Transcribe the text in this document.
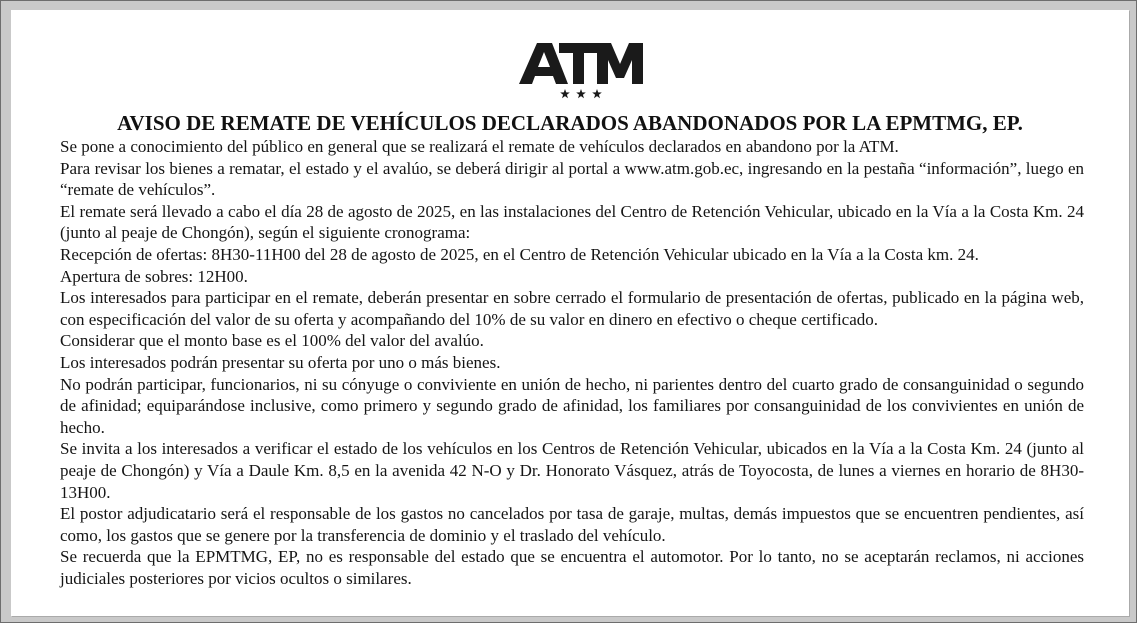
AVISO DE REMATE DE VEHÍCULOS DECLARADOS ABANDONADOS POR LA EPMTMG, EP.

Se pone a conocimiento del público en general que se realizará el remate de vehículos declarados en abandono por la ATM.

Para revisar los bienes a rematar, el estado y el avalúo, se deberá dirigir al portal a www.atm.gob.ec, ingresando en la pestaña “información”, luego en “remate de vehículos”.

El remate será llevado a cabo el día 28 de agosto de 2025, en las instalaciones del Centro de Retención Vehicular, ubicado en la Vía a la Costa Km. 24 (junto al peaje de Chongón), según el siguiente cronograma:

Recepción de ofertas: 8H30-11H00 del 28 de agosto de 2025, en el Centro de Retención Vehicular ubicado en la Vía a la Costa km. 24.

Apertura de sobres: 12H00.

Los interesados para participar en el remate, deberán presentar en sobre cerrado el formulario de presentación de ofertas, publicado en la página web, con especificación del valor de su oferta y acompañando del 10% de su valor en dinero en efectivo o cheque certificado.

Considerar que el monto base es el 100% del valor del avalúo.

Los interesados podrán presentar su oferta por uno o más bienes.

No podrán participar, funcionarios, ni su cónyuge o conviviente en unión de hecho, ni parientes dentro del cuarto grado de consanguinidad o segundo de afinidad; equiparándose inclusive, como primero y segundo grado de afinidad, los familiares por consanguinidad de los convivientes en unión de hecho.

Se invita a los interesados a verificar el estado de los vehículos en los Centros de Retención Vehicular, ubicados en la Vía a la Costa Km. 24 (junto al peaje de Chongón) y Vía a Daule Km. 8,5 en la avenida 42 N-O y Dr. Honorato Vásquez, atrás de Toyocosta, de lunes a viernes en horario de 8H30-13H00.

El postor adjudicatario será el responsable de los gastos no cancelados por tasa de garaje, multas, demás impuestos que se encuentren pendientes, así como, los gastos que se genere por la transferencia de dominio y el traslado del vehículo.

Se recuerda que la EPMTMG, EP, no es responsable del estado que se encuentra el automotor. Por lo tanto, no se aceptarán reclamos, ni acciones judiciales posteriores por vicios ocultos o similares.
